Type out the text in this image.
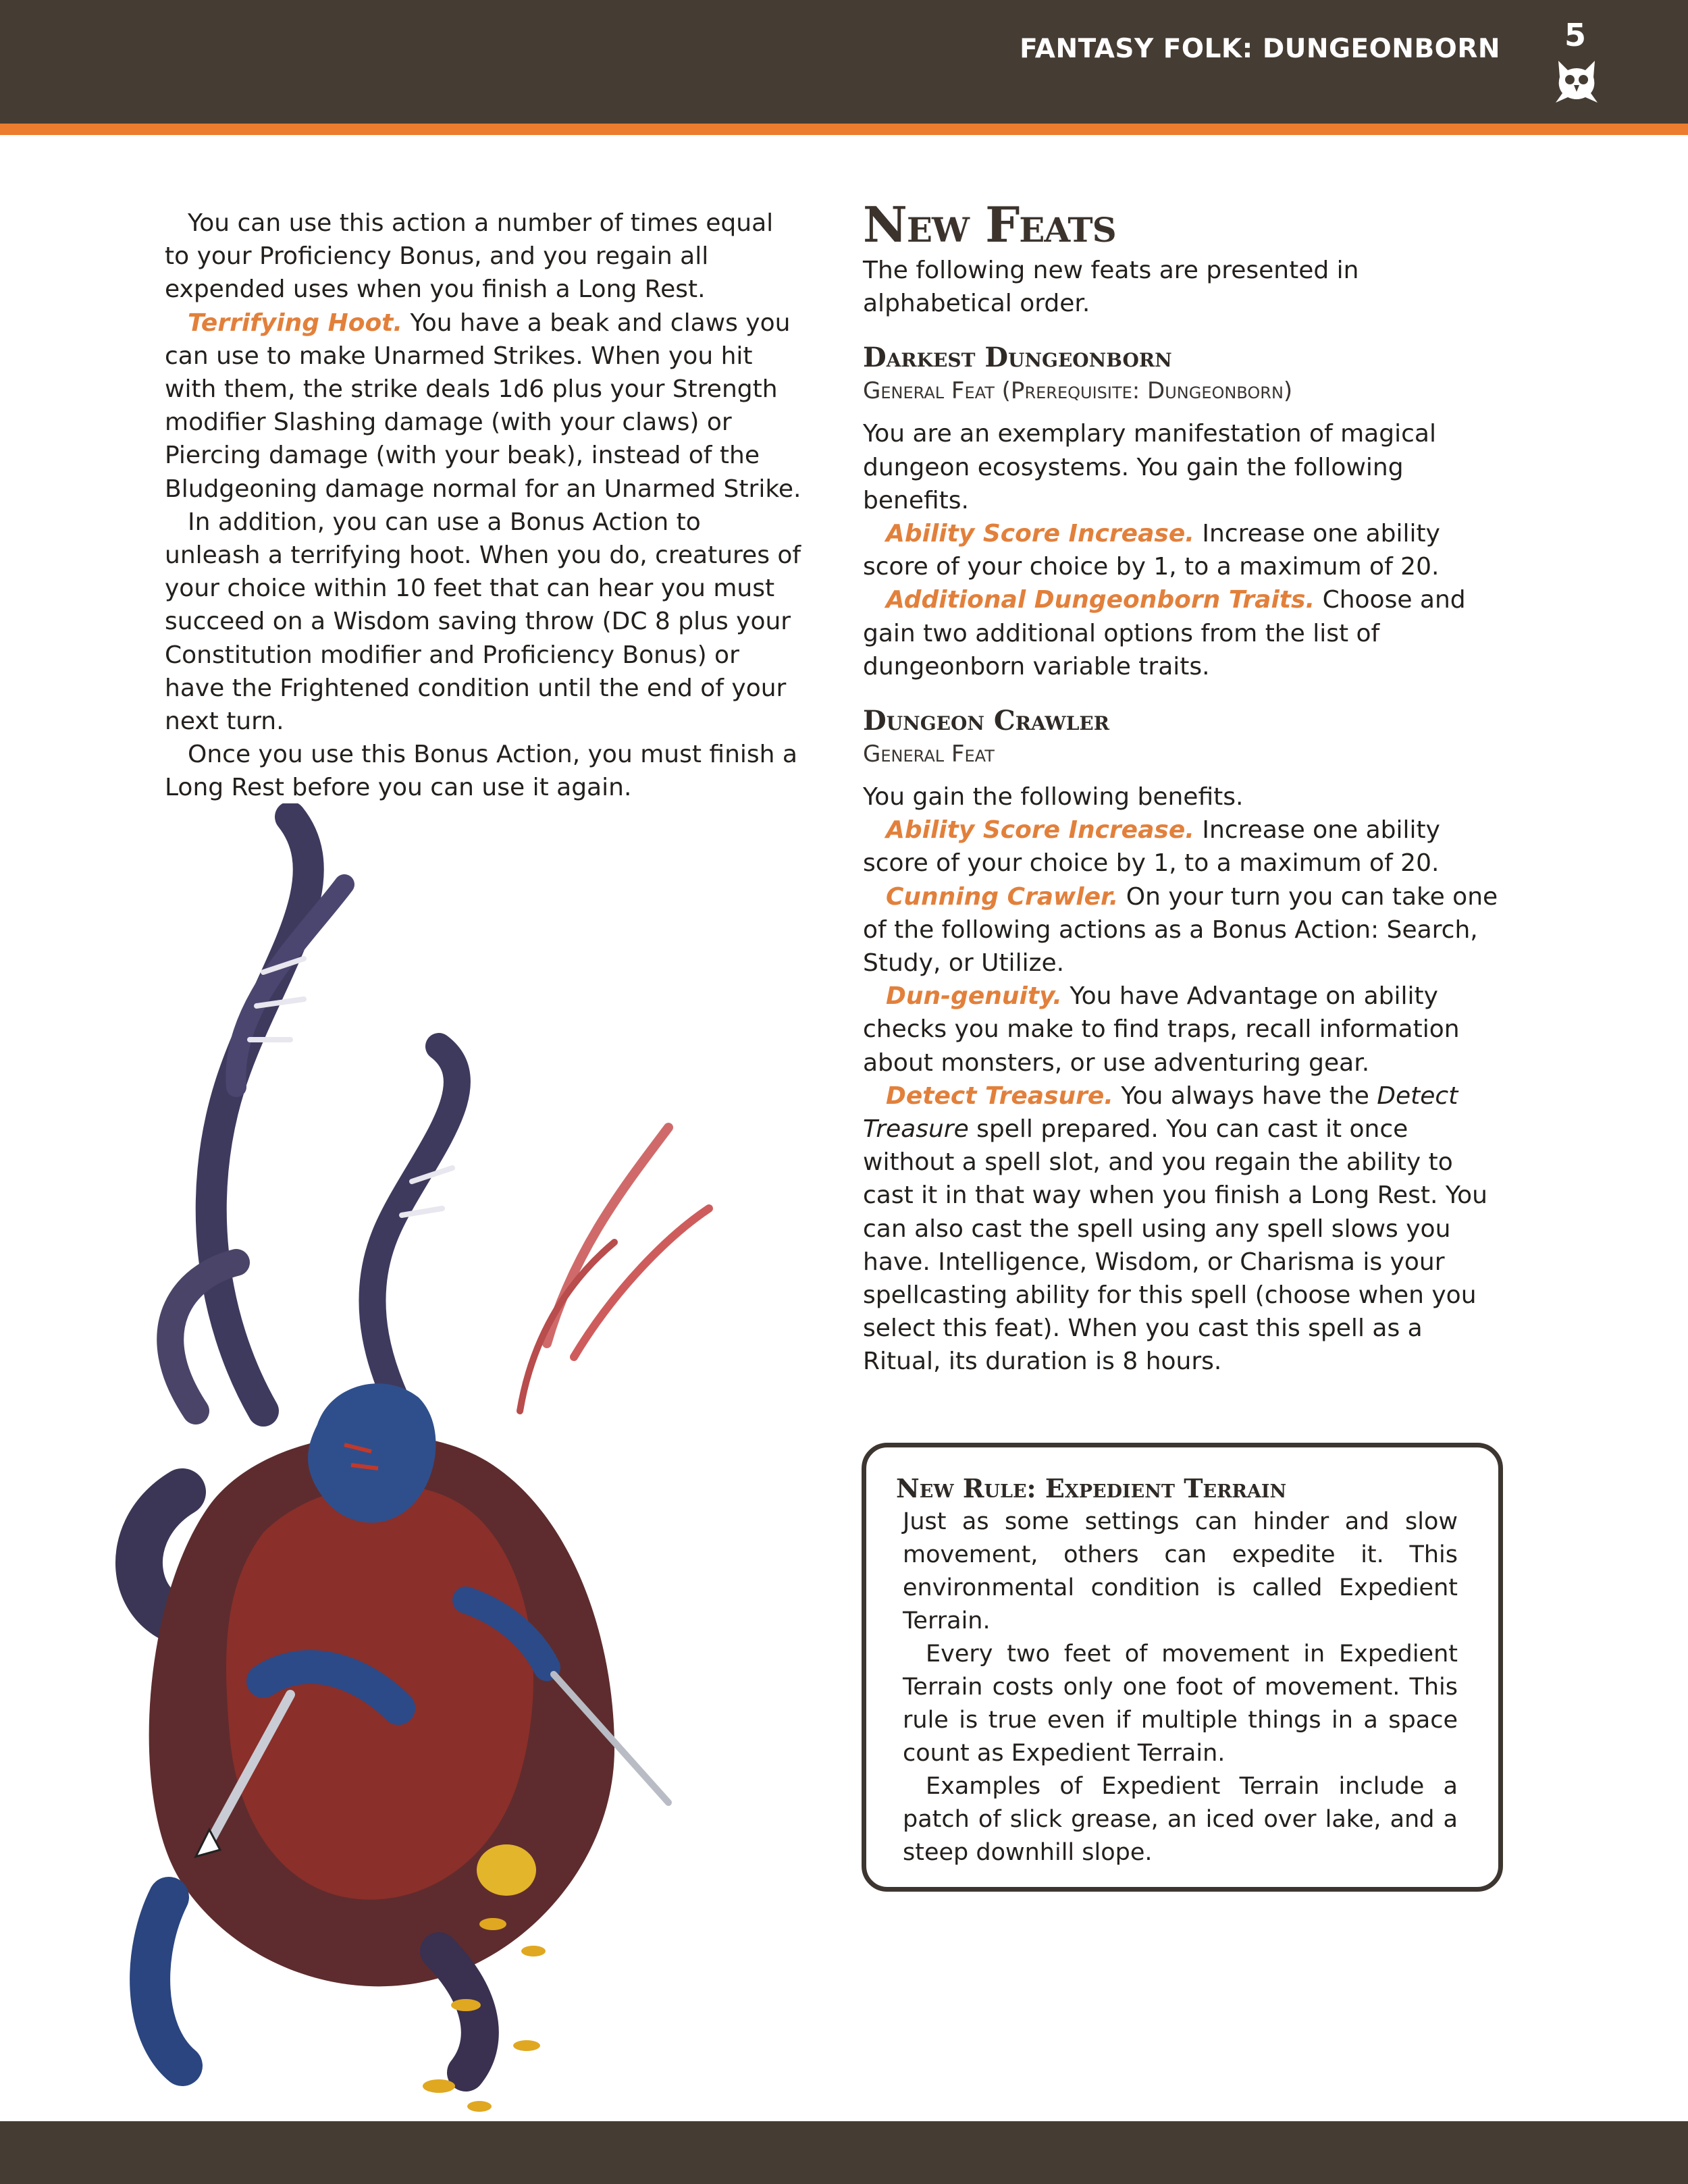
FANTASY FOLK: DUNGEONBORN 5

You can use this action a number of times equal to your Proficiency Bonus, and you regain all expended uses when you finish a Long Rest.

Terrifying Hoot. You have a beak and claws you can use to make Unarmed Strikes. When you hit with them, the strike deals 1d6 plus your Strength modifier Slashing damage (with your claws) or Piercing damage (with your beak), instead of the Bludgeoning damage normal for an Unarmed Strike.

In addition, you can use a Bonus Action to unleash a terrifying hoot. When you do, creatures of your choice within 10 feet that can hear you must succeed on a Wisdom saving throw (DC 8 plus your Constitution modifier and Proficiency Bonus) or have the Frightened condition until the end of your next turn.

Once you use this Bonus Action, you must finish a Long Rest before you can use it again.

New Feats

The following new feats are presented in alphabetical order.

Darkest Dungeonborn
General Feat (Prerequisite: Dungeonborn)

You are an exemplary manifestation of magical dungeon ecosystems. You gain the following benefits.

Ability Score Increase. Increase one ability score of your choice by 1, to a maximum of 20.

Additional Dungeonborn Traits. Choose and gain two additional options from the list of dungeonborn variable traits.

Dungeon Crawler
General Feat

You gain the following benefits.

Ability Score Increase. Increase one ability score of your choice by 1, to a maximum of 20.

Cunning Crawler. On your turn you can take one of the following actions as a Bonus Action: Search, Study, or Utilize.

Dun-genuity. You have Advantage on ability checks you make to find traps, recall information about monsters, or use adventuring gear.

Detect Treasure. You always have the Detect Treasure spell prepared. You can cast it once without a spell slot, and you regain the ability to cast it in that way when you finish a Long Rest. You can also cast the spell using any spell slows you have. Intelligence, Wisdom, or Charisma is your spellcasting ability for this spell (choose when you select this feat). When you cast this spell as a Ritual, its duration is 8 hours.

New Rule: Expedient Terrain

Just as some settings can hinder and slow movement, others can expedite it. This environmental condition is called Expedient Terrain.

Every two feet of movement in Expedient Terrain costs only one foot of movement. This rule is true even if multiple things in a space count as Expedient Terrain.

Examples of Expedient Terrain include a patch of slick grease, an iced over lake, and a steep downhill slope.
